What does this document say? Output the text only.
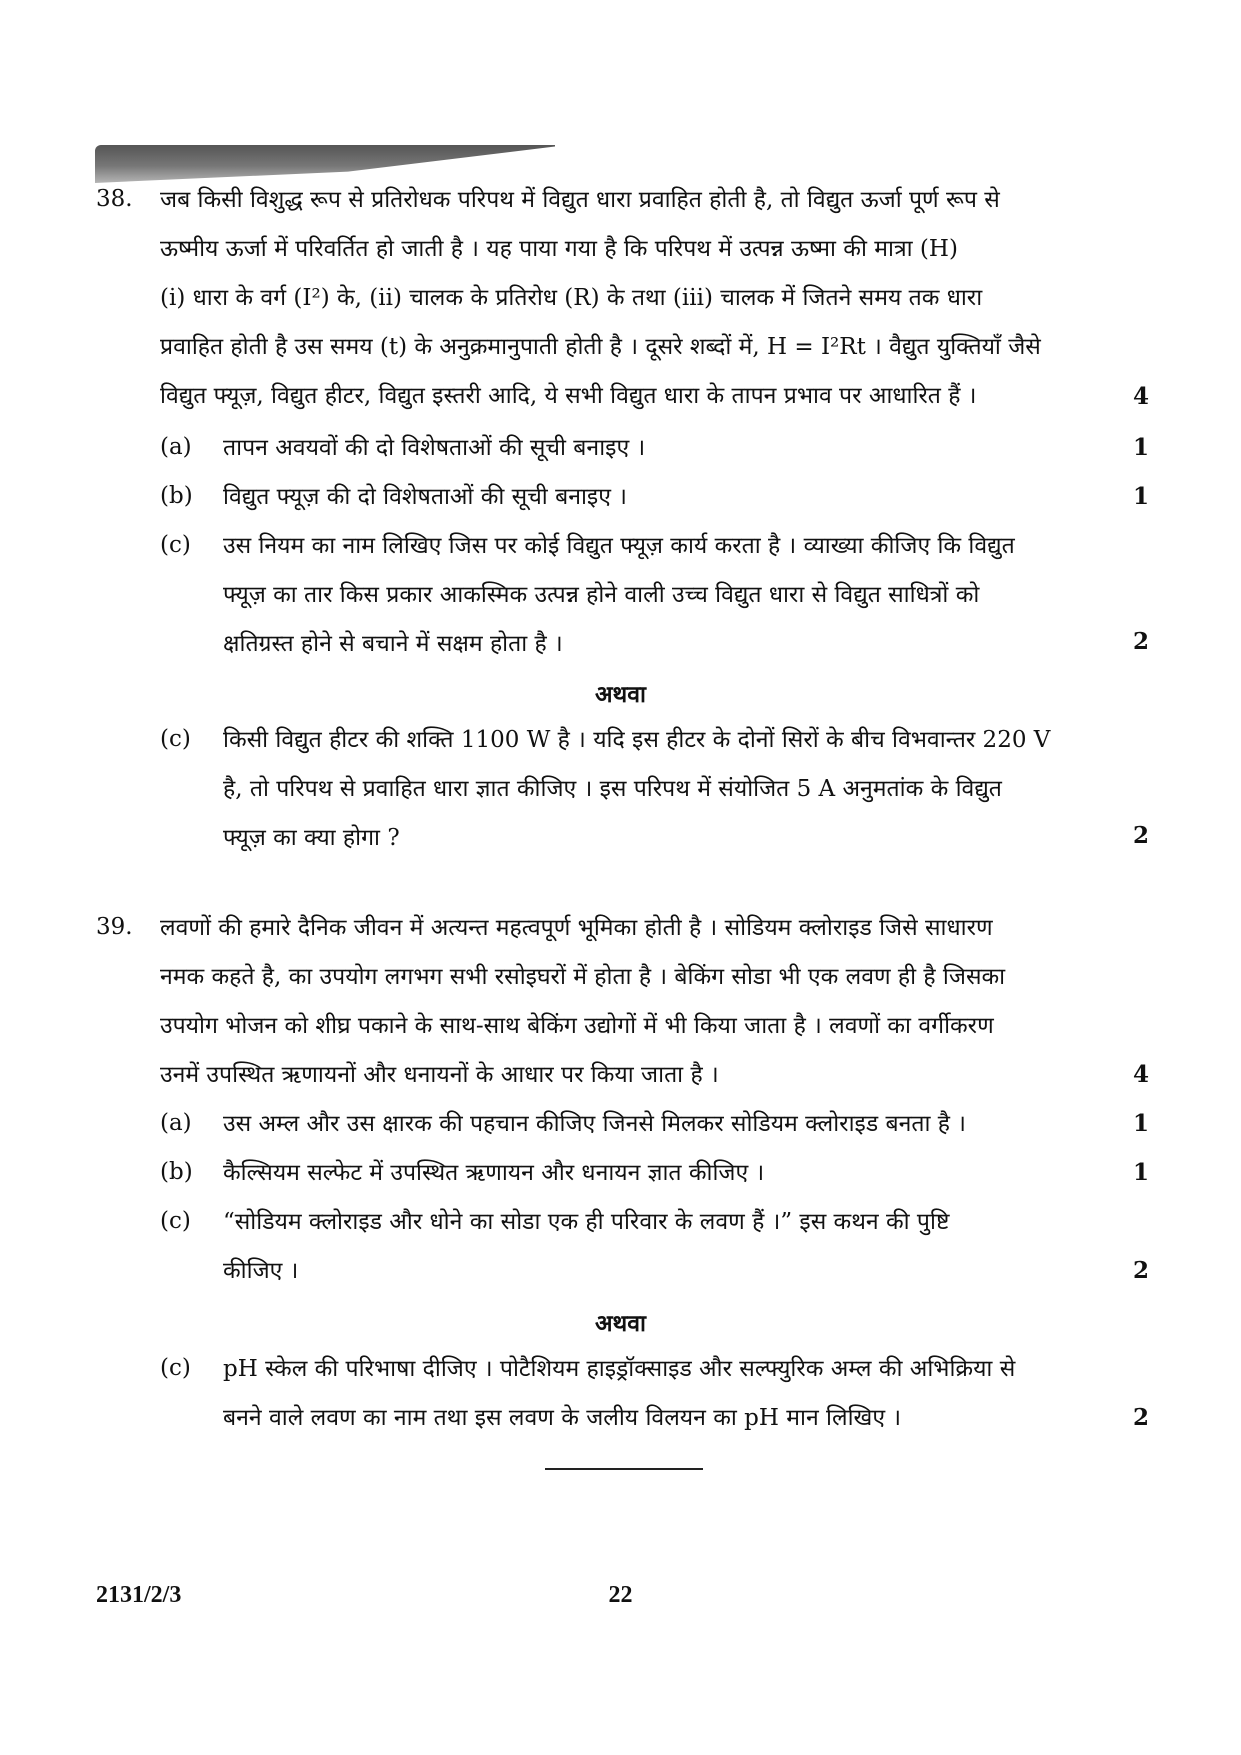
38. जब किसी विशुद्ध रूप से प्रतिरोधक परिपथ में विद्युत धारा प्रवाहित होती है, तो विद्युत ऊर्जा पूर्ण रूप से
ऊष्मीय ऊर्जा में परिवर्तित हो जाती है । यह पाया गया है कि परिपथ में उत्पन्न ऊष्मा की मात्रा (H)
(i) धारा के वर्ग (I²) के, (ii) चालक के प्रतिरोध (R) के तथा (iii) चालक में जितने समय तक धारा
प्रवाहित होती है उस समय (t) के अनुक्रमानुपाती होती है । दूसरे शब्दों में, H = I²Rt । वैद्युत युक्तियाँ जैसे
विद्युत फ्यूज़, विद्युत हीटर, विद्युत इस्तरी आदि, ये सभी विद्युत धारा के तापन प्रभाव पर आधारित हैं ।	4
(a) तापन अवयवों की दो विशेषताओं की सूची बनाइए ।	1
(b) विद्युत फ्यूज़ की दो विशेषताओं की सूची बनाइए ।	1
(c) उस नियम का नाम लिखिए जिस पर कोई विद्युत फ्यूज़ कार्य करता है । व्याख्या कीजिए कि विद्युत
फ्यूज़ का तार किस प्रकार आकस्मिक उत्पन्न होने वाली उच्च विद्युत धारा से विद्युत साधित्रों को
क्षतिग्रस्त होने से बचाने में सक्षम होता है ।	2
अथवा
(c) किसी विद्युत हीटर की शक्ति 1100 W है । यदि इस हीटर के दोनों सिरों के बीच विभवान्तर 220 V
है, तो परिपथ से प्रवाहित धारा ज्ञात कीजिए । इस परिपथ में संयोजित 5 A अनुमतांक के विद्युत
फ्यूज़ का क्या होगा ?	2
39. लवणों की हमारे दैनिक जीवन में अत्यन्त महत्वपूर्ण भूमिका होती है । सोडियम क्लोराइड जिसे साधारण
नमक कहते है, का उपयोग लगभग सभी रसोइघरों में होता है । बेकिंग सोडा भी एक लवण ही है जिसका
उपयोग भोजन को शीघ्र पकाने के साथ-साथ बेकिंग उद्योगों में भी किया जाता है । लवणों का वर्गीकरण
उनमें उपस्थित ऋणायनों और धनायनों के आधार पर किया जाता है ।	4
(a) उस अम्ल और उस क्षारक की पहचान कीजिए जिनसे मिलकर सोडियम क्लोराइड बनता है ।	1
(b) कैल्सियम सल्फेट में उपस्थित ऋणायन और धनायन ज्ञात कीजिए ।	1
(c) “सोडियम क्लोराइड और धोने का सोडा एक ही परिवार के लवण हैं ।” इस कथन की पुष्टि
कीजिए ।	2
अथवा
(c) pH स्केल की परिभाषा दीजिए । पोटैशियम हाइड्रॉक्साइड और सल्फ्युरिक अम्ल की अभिक्रिया से
बनने वाले लवण का नाम तथा इस लवण के जलीय विलयन का pH मान लिखिए ।	2
2131/2/3	22
